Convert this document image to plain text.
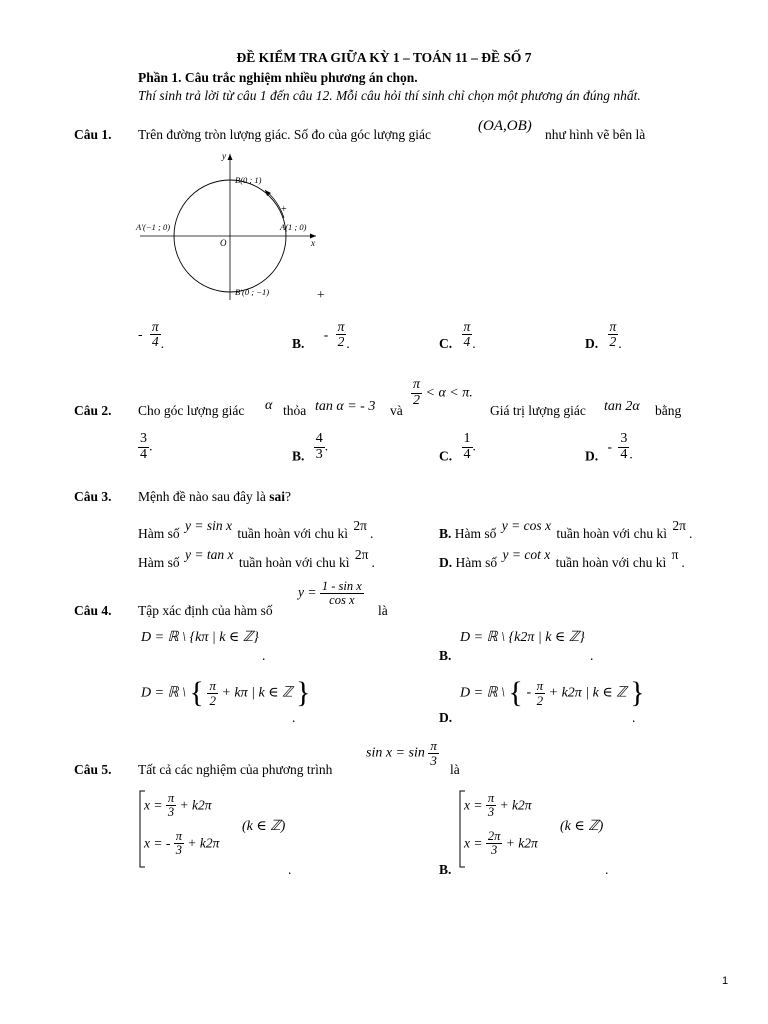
ĐỀ KIỂM TRA GIỮA KỲ 1 – TOÁN 11 – ĐỀ SỐ 7
Phần 1. Câu trắc nghiệm nhiều phương án chọn.
Thí sinh trả lời từ câu 1 đến câu 12. Mỗi câu hỏi thí sinh chỉ chọn một phương án đúng nhất.
Câu 1. Trên đường tròn lượng giác. Số đo của góc lượng giác
(OA,OB)
như hình vẽ bên là
y
x
O
B(0 ; 1)
A(1 ; 0)
A′(−1 ; 0)
B′(0 ; −1)
+
+
- $\frac{\pi}{4}$ .	B. - $\frac{\pi}{2}$ .	C. $\frac{\pi}{4}$ .	D. $\frac{\pi}{2}$ .
Câu 2. Cho góc lượng giác α thỏa tan α = - 3 và
$\frac{\pi}{2} < \alpha < \pi$.
Giá trị lượng giác tan 2α bằng
$\frac{3}{4}$ .
B. $\frac{4}{3}$ .
C. $\frac{1}{4}$ .
D. - $\frac{3}{4}$ .
Câu 3. Mệnh đề nào sau đây là sai?
Hàm số y = sin x tuần hoàn với chu kì 2π.	B. Hàm số y = cos x tuần hoàn với chu kì 2π.
Hàm số y = tan x tuần hoàn với chu kì 2π.	D. Hàm số y = cot x tuần hoàn với chu kì π.
Câu 4. Tập xác định của hàm số
$y = \frac{\text{1 - sin x}}{\text{cos x}}$
là
D = ℝ \ {kπ | k ∈ ℤ}
.	B.
D = ℝ \ {k2π | k ∈ ℤ}
.
D = ℝ \ { $\frac{\pi}{2} + k\pi$ | k ∈ ℤ }
.	D.
D = ℝ \ { - $\frac{\pi}{2} + k2\pi$ | k ∈ ℤ }
.
Câu 5. Tất cả các nghiệm của phương trình
$\sin x = \sin \frac{\pi}{3}$
là
$x = \frac{\pi}{3} + k2\pi$
x = - $\frac{\pi}{3} + k2\pi$
(k ∈ ℤ)
.	B.
$x = \frac{\pi}{3} + k2\pi$
$x = \frac{2\pi}{3} + k2\pi$
(k ∈ ℤ)
.
1
